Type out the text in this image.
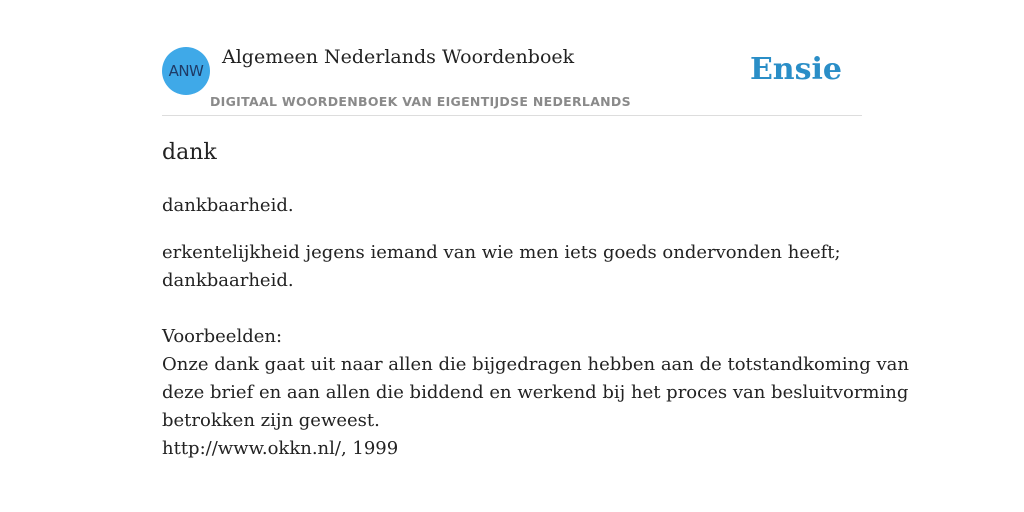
ANW
Algemeen Nederlands Woordenboek
DIGITAAL WOORDENBOEK VAN EIGENTIJDSE NEDERLANDS
Ensie
dank
dankbaarheid.
erkentelijkheid jegens iemand van wie men iets goeds ondervonden heeft;
dankbaarheid.
Voorbeelden:
Onze dank gaat uit naar allen die bijgedragen hebben aan de totstandkoming van
deze brief en aan allen die biddend en werkend bij het proces van besluitvorming
betrokken zijn geweest.
http://www.okkn.nl/, 1999
